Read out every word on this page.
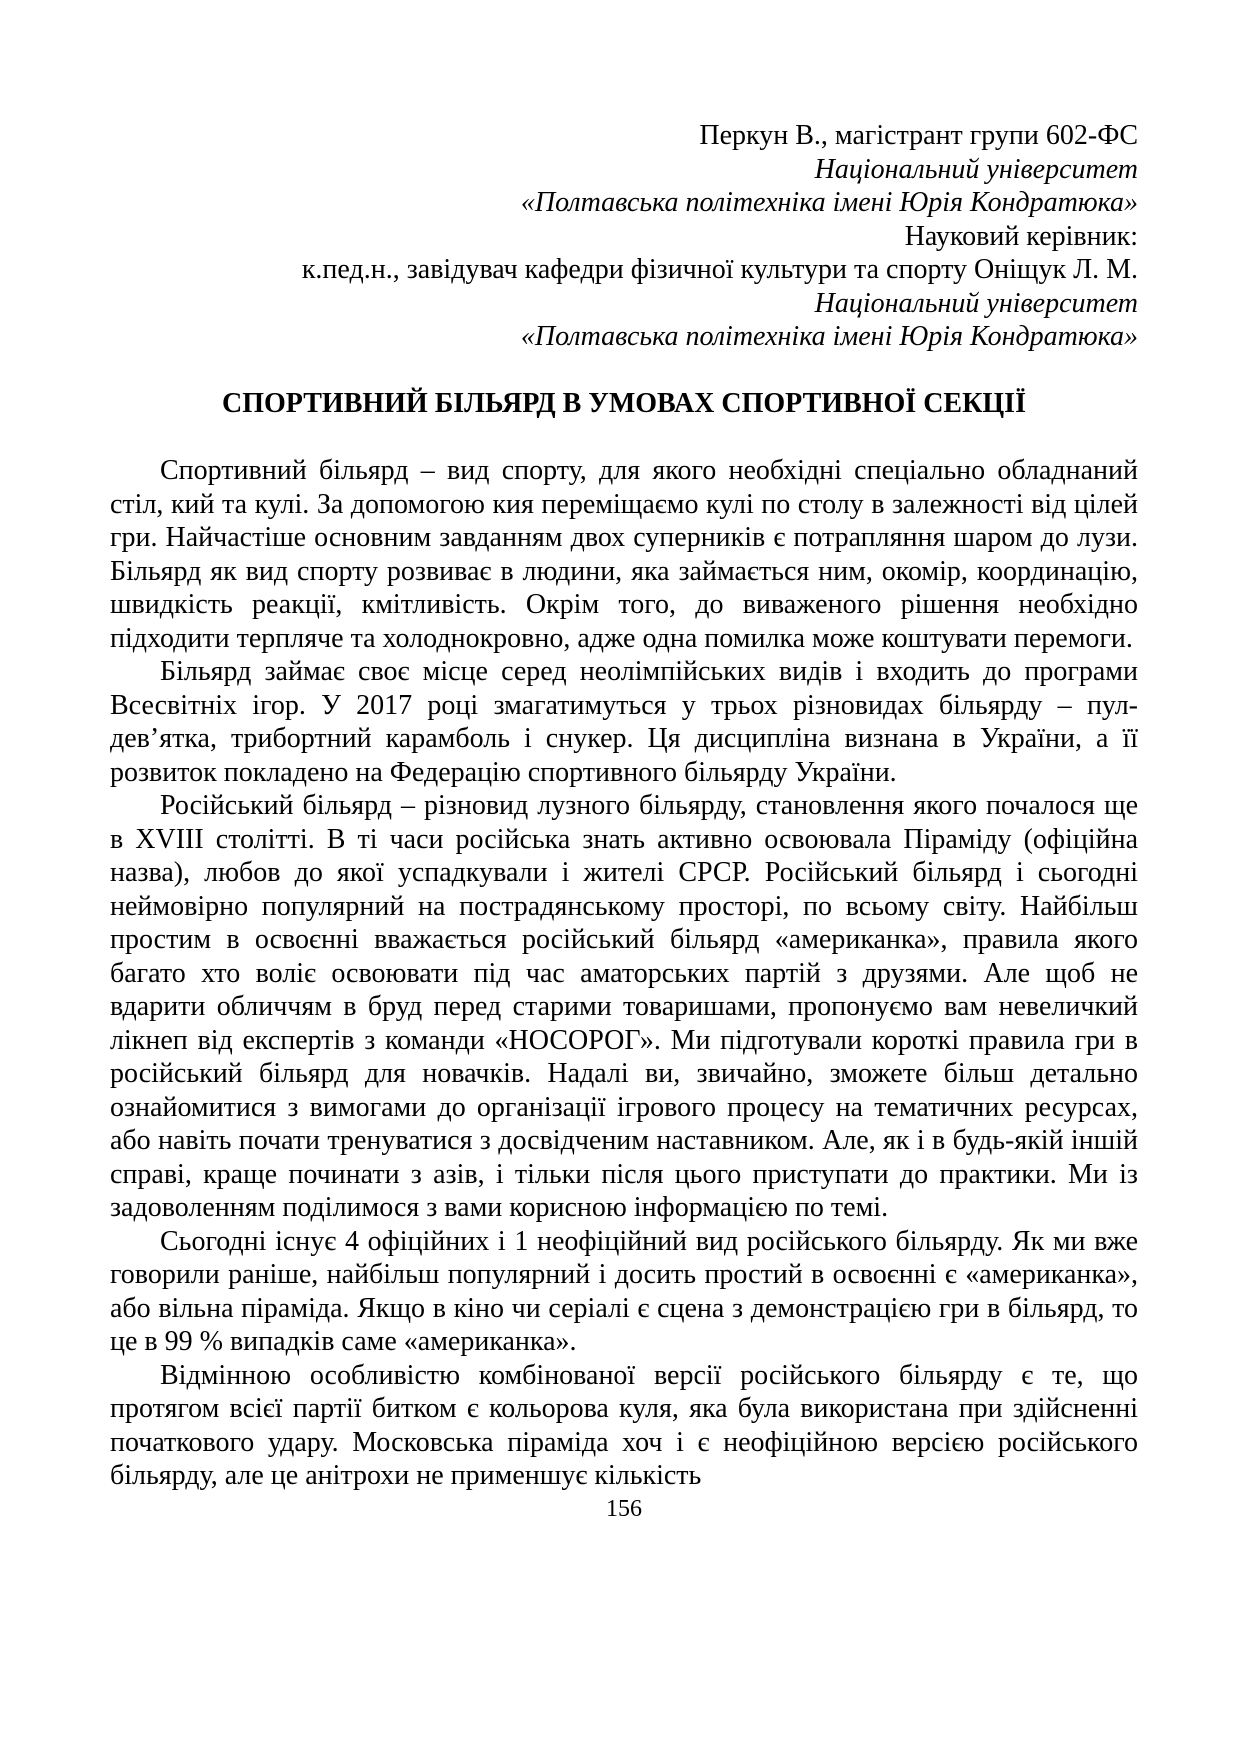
Перкун В., магістрант групи 602-ФС
Національний університет
«Полтавська політехніка імені Юрія Кондратюка»
Науковий керівник:
к.пед.н., завідувач кафедри фізичної культури та спорту Оніщук Л. М.
Національний університет
«Полтавська політехніка імені Юрія Кондратюка»
СПОРТИВНИЙ БІЛЬЯРД В УМОВАХ СПОРТИВНОЇ СЕКЦІЇ

Спортивний більярд – вид спорту, для якого необхідні спеціально обладнаний стіл, кий та кулі. За допомогою кия переміщаємо кулі по столу в залежності від цілей гри. Найчастіше основним завданням двох суперників є потрапляння шаром до лузи. Більярд як вид спорту розвиває в людини, яка займається ним, окомір, координацію, швидкість реакції, кмітливість. Окрім того, до виваженого рішення необхідно підходити терпляче та холоднокровно, адже одна помилка може коштувати перемоги.

Більярд займає своє місце серед неолімпійських видів і входить до програми Всесвітніх ігор. У 2017 році змагатимуться у трьох різновидах більярду – пул-дев’ятка, трибортний карамболь і снукер. Ця дисципліна визнана в України, а її розвиток покладено на Федерацію спортивного більярду України.

Російський більярд – різновид лузного більярду, становлення якого почалося ще в XVIII столітті. В ті часи російська знать активно освоювала Піраміду (офіційна назва), любов до якої успадкували і жителі СРСР. Російський більярд і сьогодні неймовірно популярний на пострадянському просторі, по всьому світу. Найбільш простим в освоєнні вважається російський більярд «американка», правила якого багато хто воліє освоювати під час аматорських партій з друзями. Але щоб не вдарити обличчям в бруд перед старими товаришами, пропонуємо вам невеличкий лікнеп від експертів з команди «НОСОРОГ». Ми підготували короткі правила гри в російський більярд для новачків. Надалі ви, звичайно, зможете більш детально ознайомитися з вимогами до організації ігрового процесу на тематичних ресурсах, або навіть почати тренуватися з досвідченим наставником. Але, як і в будь-якій іншій справі, краще починати з азів, і тільки після цього приступати до практики. Ми із задоволенням поділимося з вами корисною інформацією по темі.

Сьогодні існує 4 офіційних і 1 неофіційний вид російського більярду. Як ми вже говорили раніше, найбільш популярний і досить простий в освоєнні є «американка», або вільна піраміда. Якщо в кіно чи серіалі є сцена з демонстрацією гри в більярд, то це в 99 % випадків саме «американка».

Відмінною особливістю комбінованої версії російського більярду є те, що протягом всієї партії битком є кольорова куля, яка була використана при здійсненні початкового удару. Московська піраміда хоч і є неофіційною версією російського більярду, але це анітрохи не применшує кількість

156
